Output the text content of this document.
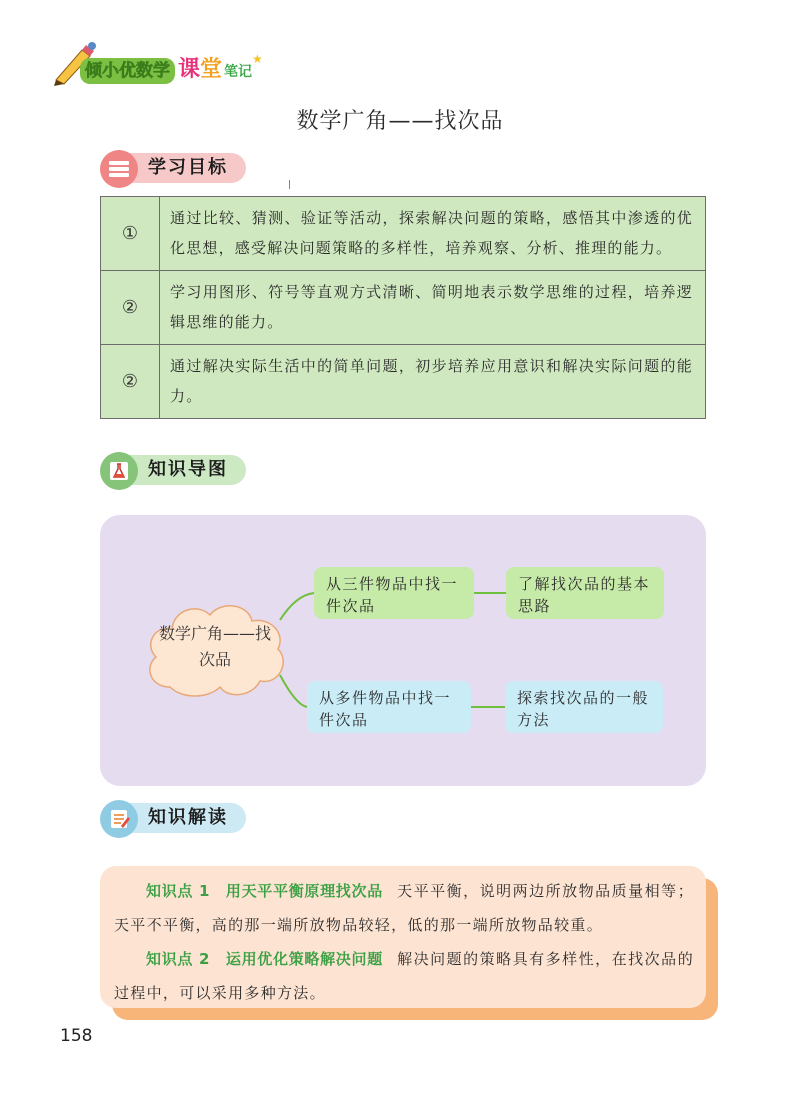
倾小优数学 课堂 笔记★
数学广角——找次品
学习目标
①	通过比较、猜测、验证等活动，探索解决问题的策略，感悟其中渗透的优化思想，感受解决问题策略的多样性，培养观察、分析、推理的能力。
②	学习用图形、符号等直观方式清晰、简明地表示数学思维的过程，培养逻辑思维的能力。
②	通过解决实际生活中的简单问题，初步培养应用意识和解决实际问题的能力。
知识导图
数学广角——找
次品
从三件物品中找一件次品
了解找次品的基本思路
从多件物品中找一件次品
探索找次品的一般方法
知识解读

知识点 1　用天平平衡原理找次品 天平平衡，说明两边所放物品质量相等；天平不平衡，高的那一端所放物品较轻，低的那一端所放物品较重。

知识点 2　运用优化策略解决问题 解决问题的策略具有多样性，在找次品的过程中，可以采用多种方法。

158
